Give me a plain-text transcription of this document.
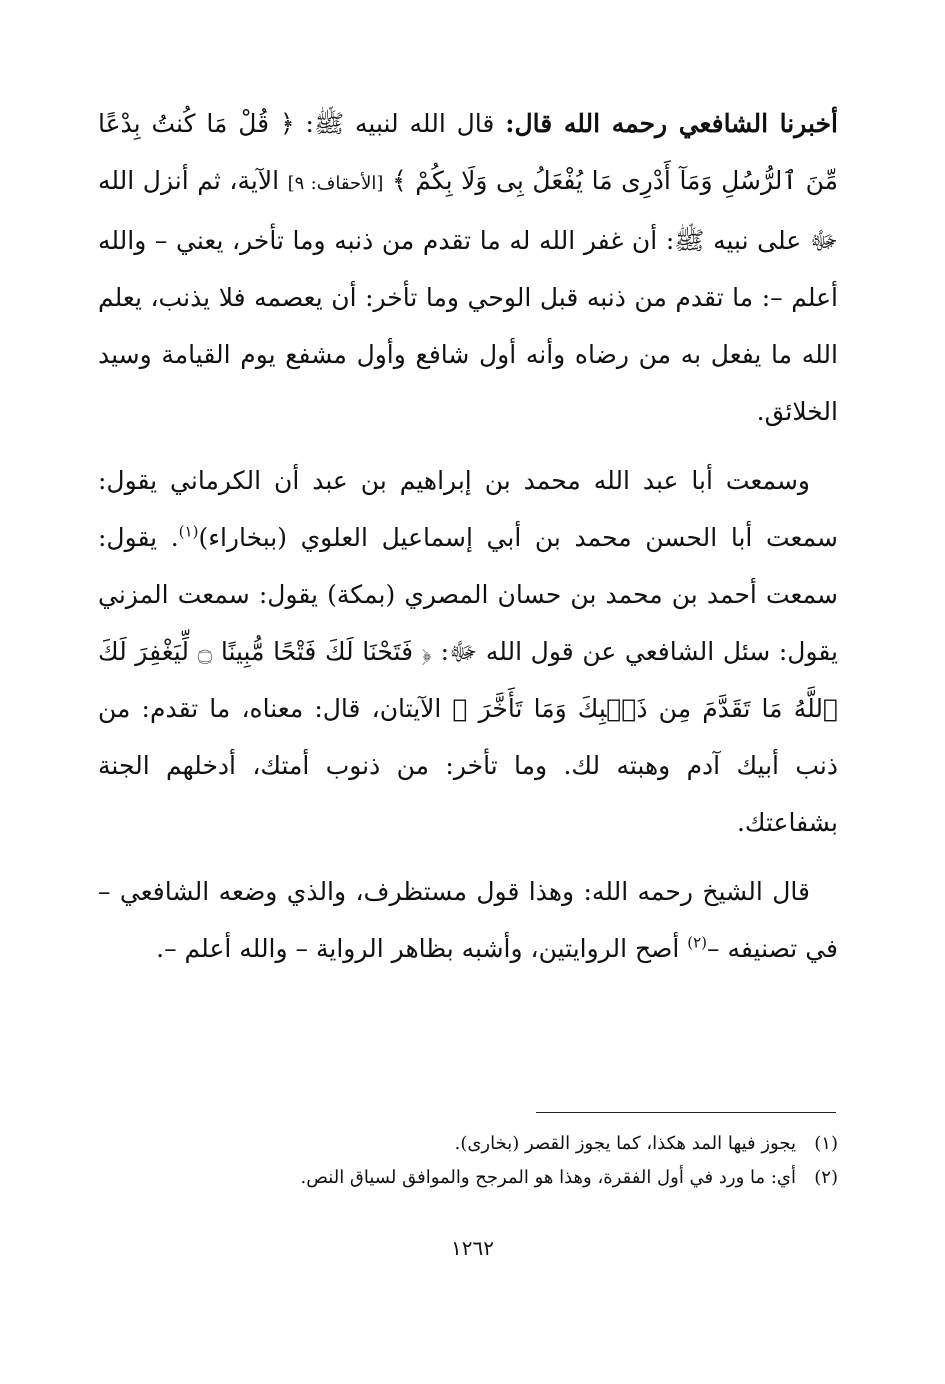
أخبرنا الشافعي رحمه الله قال: قال الله لنبيه ﷺ: ﴿ قُلْ مَا كُنتُ بِدْعًا مِّنَ ٱلرُّسُلِ وَمَآ أَدْرِى مَا يُفْعَلُ بِى وَلَا بِكُمْ ﴾ [الأحقاف: ٩] الآية، ثم أنزل الله ﷻ على نبيه ﷺ: أن غفر الله له ما تقدم من ذنبه وما تأخر، يعني – والله أعلم –: ما تقدم من ذنبه قبل الوحي وما تأخر: أن يعصمه فلا يذنب، يعلم الله ما يفعل به من رضاه وأنه أول شافع وأول مشفع يوم القيامة وسيد الخلائق.

وسمعت أبا عبد الله محمد بن إبراهيم بن عبد أن الكرماني يقول: سمعت أبا الحسن محمد بن أبي إسماعيل العلوي (ببخاراء)$^{(١)}$. يقول: سمعت أحمد بن محمد بن حسان المصري (بمكة) يقول: سمعت المزني يقول: سئل الشافعي عن قول الله ﷻ: ﴿ فَتَحْنَا لَكَ فَتْحًا مُّبِينًا ۝ لِّيَغْفِرَ لَكَ ٱللَّهُ مَا تَقَدَّمَ مِن ذَنۢبِكَ وَمَا تَأَخَّرَ ﴾ الآيتان، قال: معناه، ما تقدم: من ذنب أبيك آدم وهبته لك. وما تأخر: من ذنوب أمتك، أدخلهم الجنة بشفاعتك.

قال الشيخ رحمه الله: وهذا قول مستظرف، والذي وضعه الشافعي – في تصنيفه –$^{(٢)}$ أصح الروايتين، وأشبه بظاهر الرواية – والله أعلم –.

(١)
يجوز فيها المد هكذا، كما يجوز القصر (بخارى).
(٢)
أي: ما ورد في أول الفقرة، وهذا هو المرجح والموافق لسياق النص.
١٢٦٢
